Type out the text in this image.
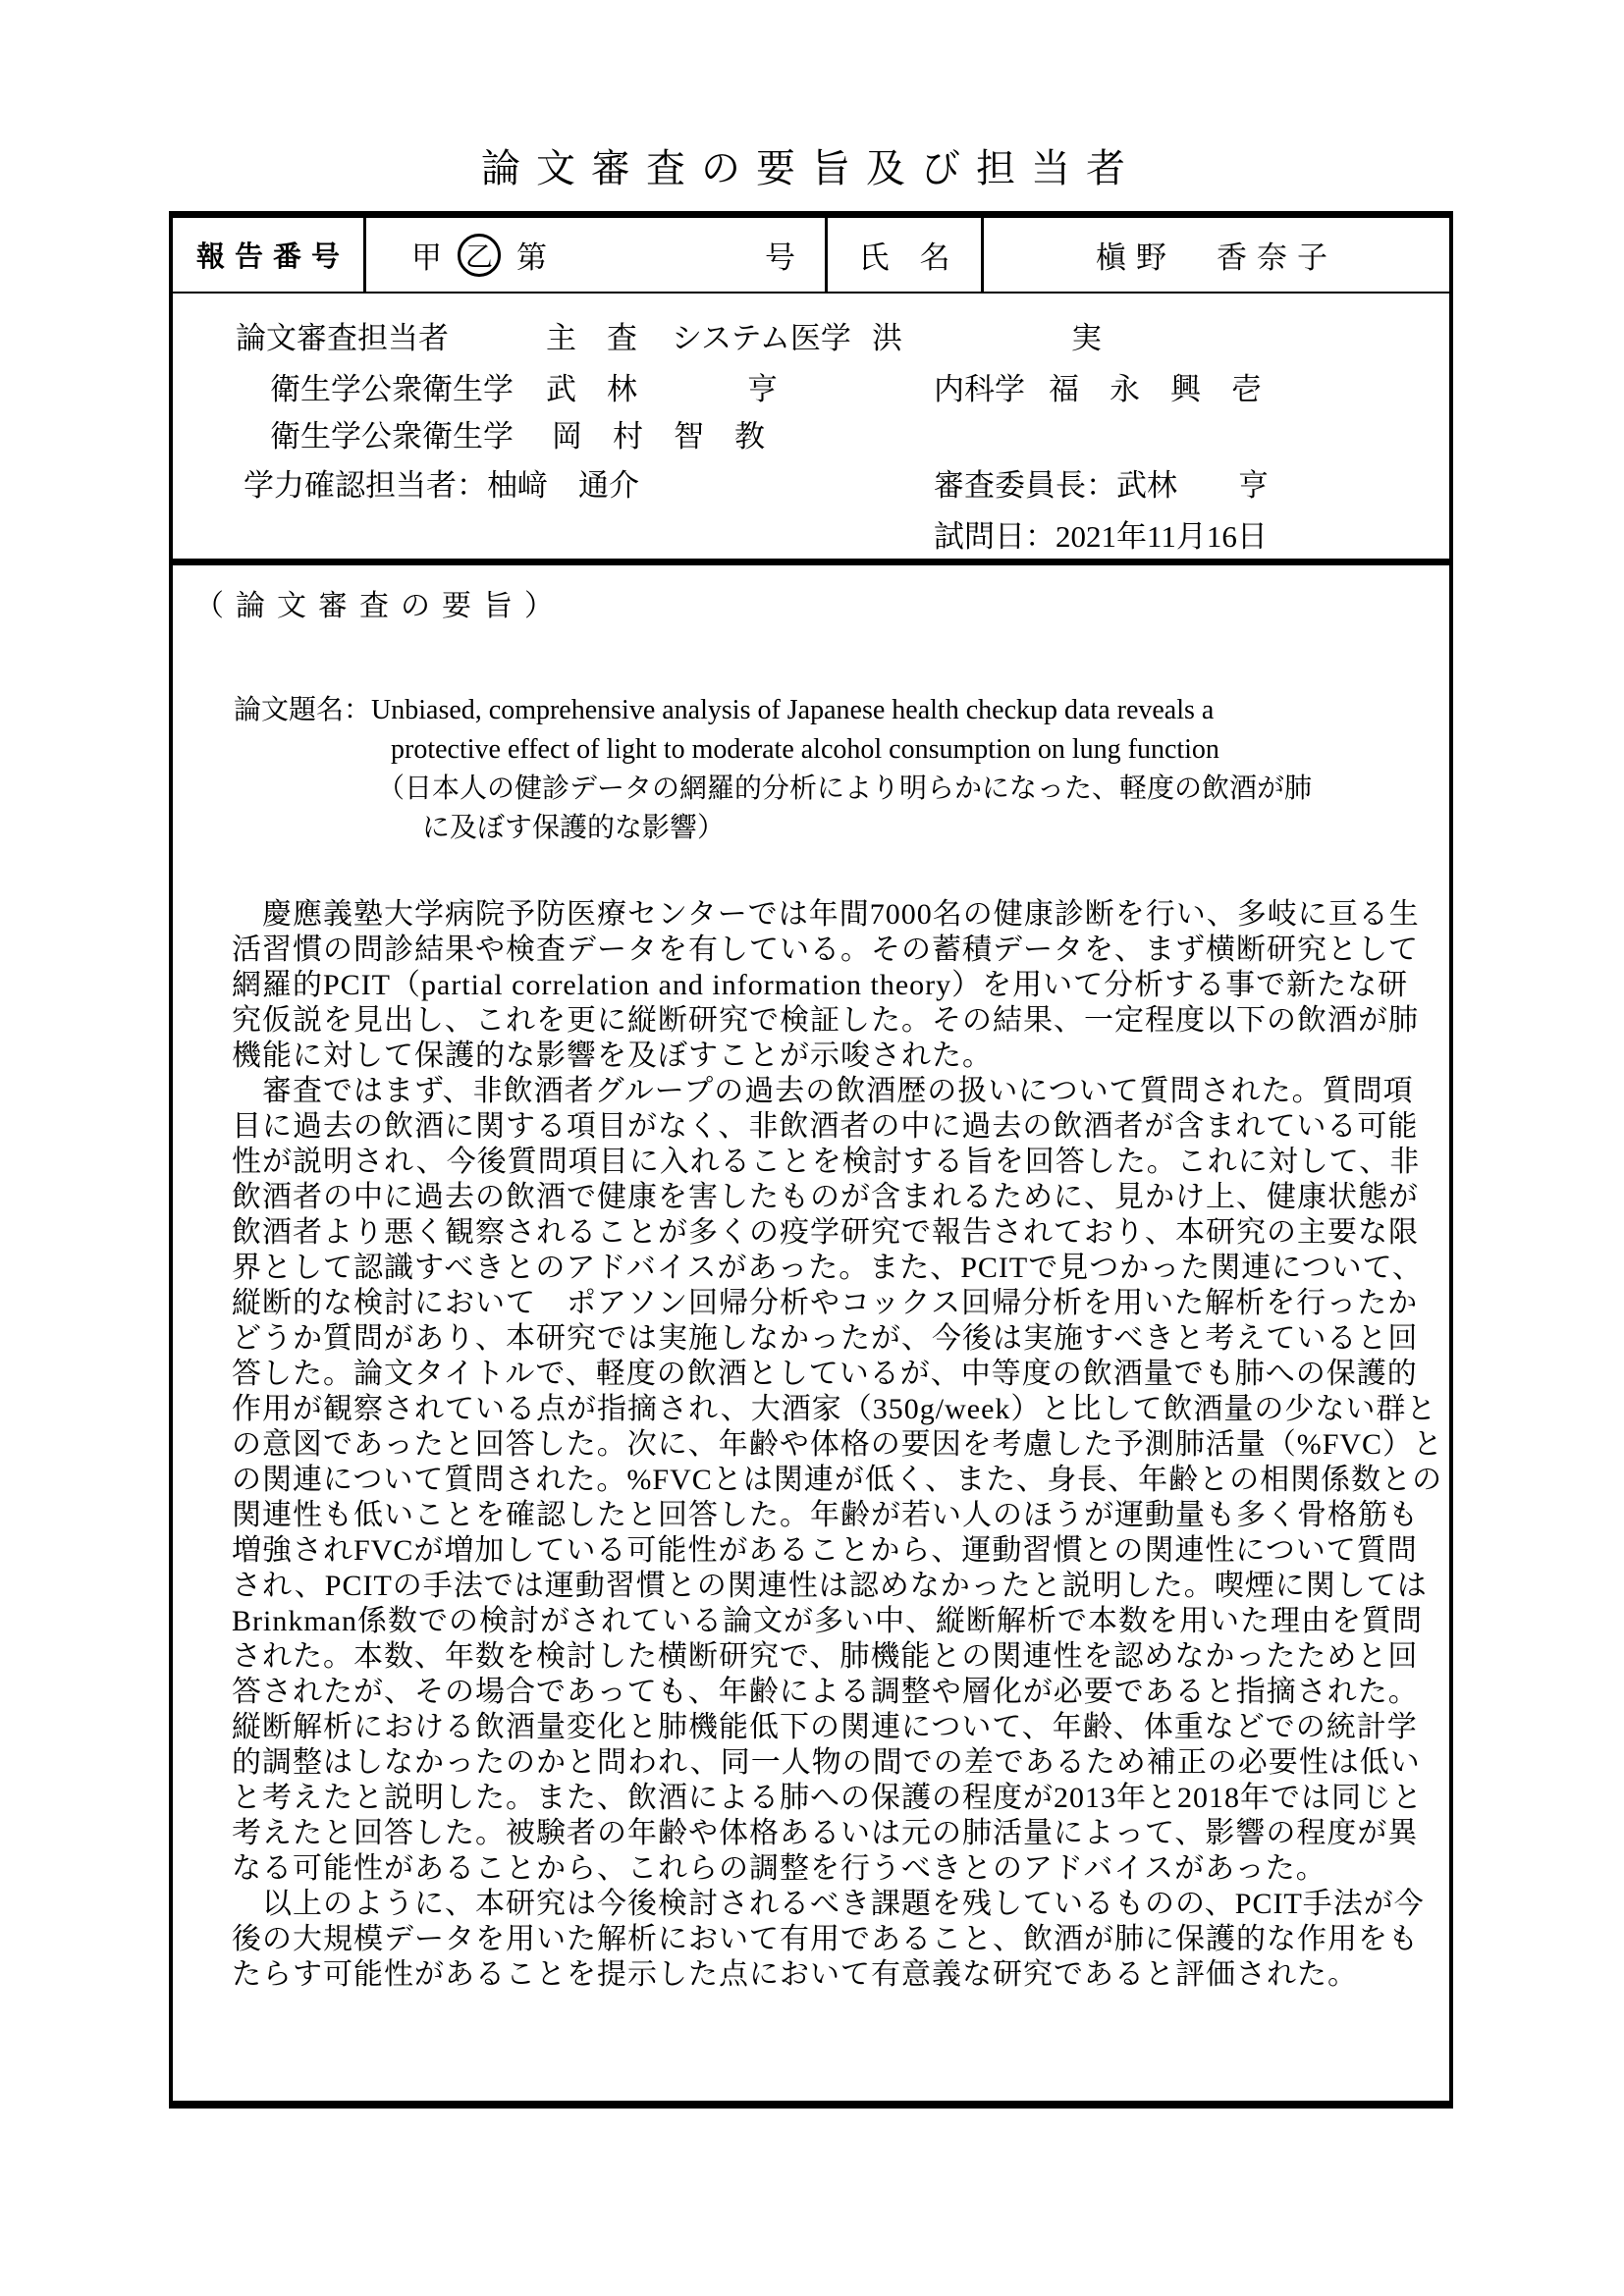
論文審査の要旨及び担当者
報告番号	甲 乙 第	号	氏　名	槇野　香奈子
論文審査担当者	主　査 システム医学 洪	実
衛生学公衆衛生学 武　林	亨	内科学 福　永　興　壱
衛生学公衆衛生学 岡　村　智　教
学力確認担当者：柚﨑　通介	審査委員長：武林　　亨
試問日：2021年11月16日
（論文審査の要旨）
論文題名：Unbiased, comprehensive analysis of Japanese health checkup data reveals a
protective effect of light to moderate alcohol consumption on lung function
（日本人の健診データの網羅的分析により明らかになった、軽度の飲酒が肺
に及ぼす保護的な影響）
　慶應義塾大学病院予防医療センターでは年間7000名の健康診断を行い、多岐に亘る生
活習慣の問診結果や検査データを有している。その蓄積データを、まず横断研究として
網羅的PCIT（partial correlation and information theory）を用いて分析する事で新たな研
究仮説を見出し、これを更に縦断研究で検証した。その結果、一定程度以下の飲酒が肺
機能に対して保護的な影響を及ぼすことが示唆された。
　審査ではまず、非飲酒者グループの過去の飲酒歴の扱いについて質問された。質問項
目に過去の飲酒に関する項目がなく、非飲酒者の中に過去の飲酒者が含まれている可能
性が説明され、今後質問項目に入れることを検討する旨を回答した。これに対して、非
飲酒者の中に過去の飲酒で健康を害したものが含まれるために、見かけ上、健康状態が
飲酒者より悪く観察されることが多くの疫学研究で報告されており、本研究の主要な限
界として認識すべきとのアドバイスがあった。また、PCITで見つかった関連について、
縦断的な検討において　ポアソン回帰分析やコックス回帰分析を用いた解析を行ったか
どうか質問があり、本研究では実施しなかったが、今後は実施すべきと考えていると回
答した。論文タイトルで、軽度の飲酒としているが、中等度の飲酒量でも肺への保護的
作用が観察されている点が指摘され、大酒家（350g/week）と比して飲酒量の少ない群と
の意図であったと回答した。次に、年齢や体格の要因を考慮した予測肺活量（%FVC）と
の関連について質問された。%FVCとは関連が低く、また、身長、年齢との相関係数との
関連性も低いことを確認したと回答した。年齢が若い人のほうが運動量も多く骨格筋も
増強されFVCが増加している可能性があることから、運動習慣との関連性について質問
され、PCITの手法では運動習慣との関連性は認めなかったと説明した。喫煙に関しては
Brinkman係数での検討がされている論文が多い中、縦断解析で本数を用いた理由を質問
された。本数、年数を検討した横断研究で、肺機能との関連性を認めなかったためと回
答されたが、その場合であっても、年齢による調整や層化が必要であると指摘された。
縦断解析における飲酒量変化と肺機能低下の関連について、年齢、体重などでの統計学
的調整はしなかったのかと問われ、同一人物の間での差であるため補正の必要性は低い
と考えたと説明した。また、飲酒による肺への保護の程度が2013年と2018年では同じと
考えたと回答した。被験者の年齢や体格あるいは元の肺活量によって、影響の程度が異
なる可能性があることから、これらの調整を行うべきとのアドバイスがあった。
　以上のように、本研究は今後検討されるべき課題を残しているものの、PCIT手法が今
後の大規模データを用いた解析において有用であること、飲酒が肺に保護的な作用をも
たらす可能性があることを提示した点において有意義な研究であると評価された。
